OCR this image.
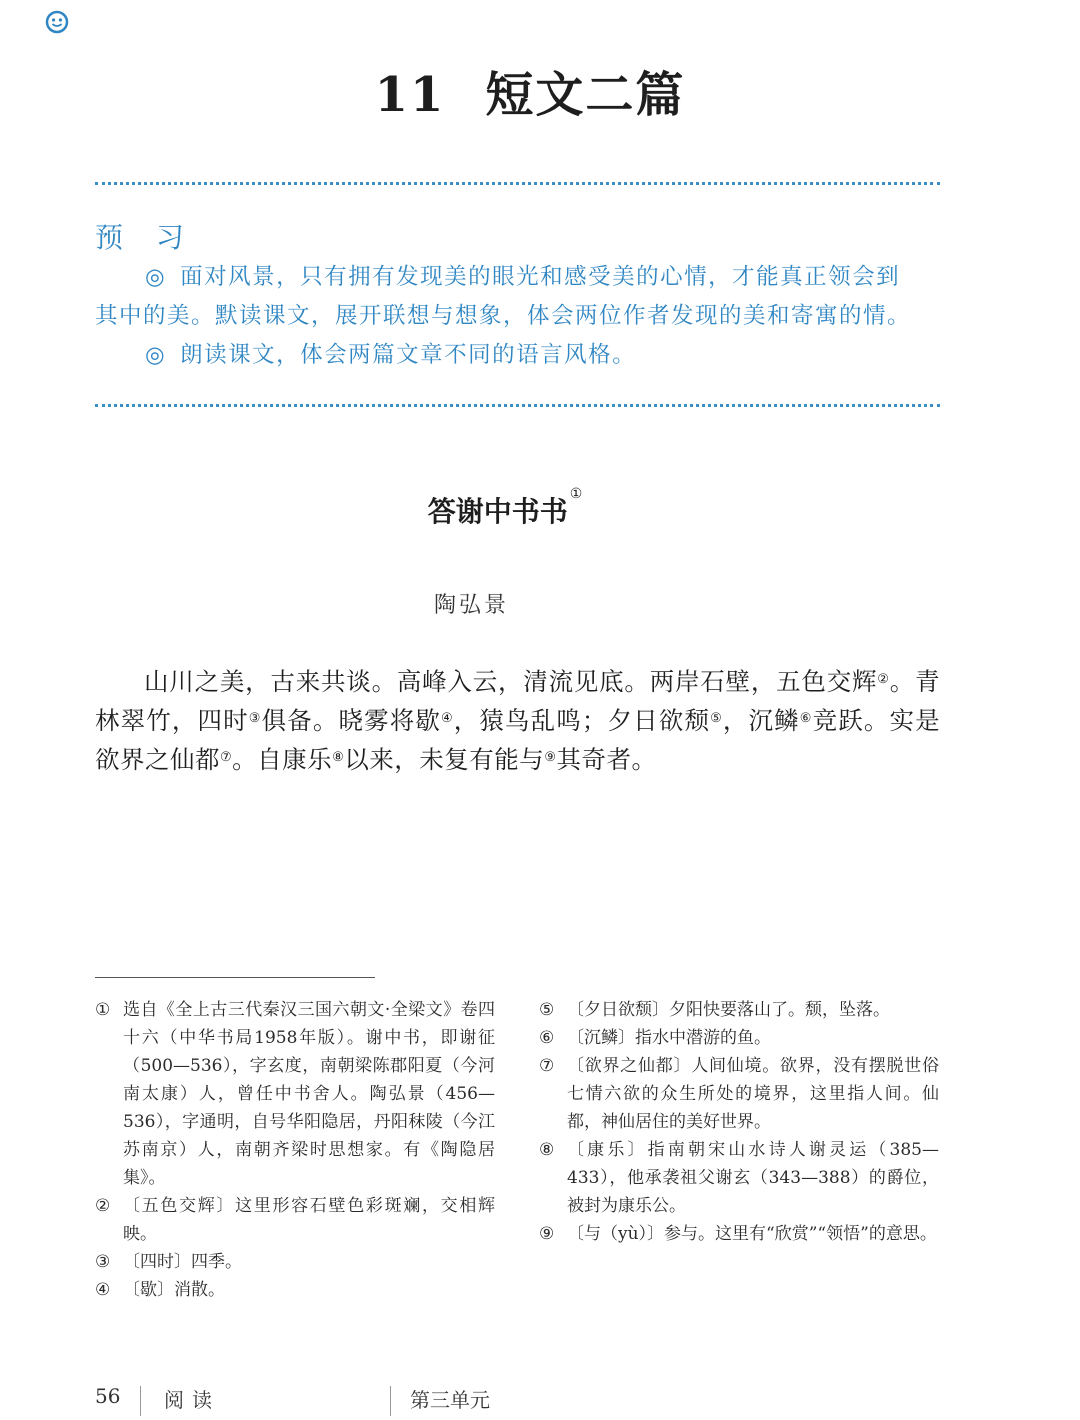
11 短文二篇
预 习

◎ 面对风景，只有拥有发现美的眼光和感受美的心情，才能真正领会到

其中的美。默读课文，展开联想与想象，体会两位作者发现的美和寄寓的情。

◎ 朗读课文，体会两篇文章不同的语言风格。

答谢中书书①
陶弘景

山川之美，古来共谈。高峰入云，清流见底。两岸石壁，五色交辉②。青林翠竹，四时③俱备。晓雾将歇④，猿鸟乱鸣；夕日欲颓⑤，沉鳞⑥竞跃。实是欲界之仙都⑦。自康乐⑧以来，未复有能与⑨其奇者。

① 选自《全上古三代秦汉三国六朝文·全梁文》卷四十六（中华书局1958年版）。谢中书，即谢征（500—536），字玄度，南朝梁陈郡阳夏（今河南太康）人，曾任中书舍人。陶弘景（456—536），字通明，自号华阳隐居，丹阳秣陵（今江苏南京）人，南朝齐梁时思想家。有《陶隐居集》。

② 〔五色交辉〕这里形容石壁色彩斑斓，交相辉映。

③ 〔四时〕四季。

④ 〔歇〕消散。

⑤ 〔夕日欲颓〕夕阳快要落山了。颓，坠落。

⑥ 〔沉鳞〕指水中潜游的鱼。

⑦ 〔欲界之仙都〕人间仙境。欲界，没有摆脱世俗七情六欲的众生所处的境界，这里指人间。仙都，神仙居住的美好世界。

⑧ 〔康乐〕指南朝宋山水诗人谢灵运（385—433），他承袭祖父谢玄（343—388）的爵位，被封为康乐公。

⑨ 〔与（yù）〕参与。这里有“欣赏”“领悟”的意思。

56 阅读	第三单元
